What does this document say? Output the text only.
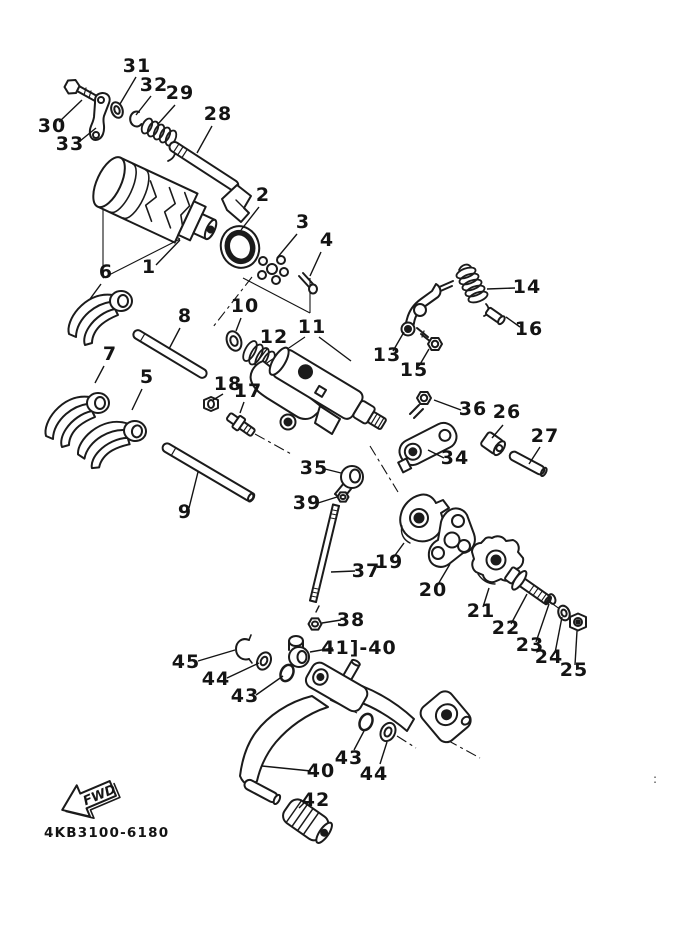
FWD
4KB3100-6180
:
31
32
29
28
30
33
2
3
4
1
6
8 10
12 11
7
5	18
17
9
14
16
13
15
36 26
27
34
35
39
19
37
20
21
38
41]-40
22
23
24
25
45
44
43
43
44
40
42
